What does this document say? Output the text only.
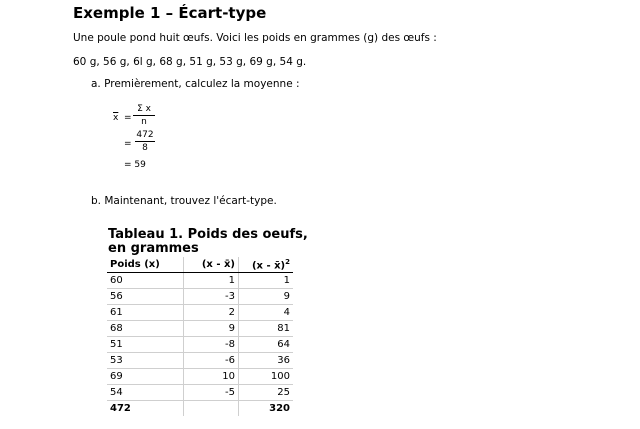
Exemple 1 – Écart-type
Une poule pond huit œufs. Voici les poids en grammes (g) des œufs :
60 g, 56 g, 6l g, 68 g, 51 g, 53 g, 69 g, 54 g.
a. Premièrement, calculez la moyenne :
$\overline{x}$ =
Σ x
n
=
472
8
= 59
b. Maintenant, trouvez l'écart-type.
Tableau 1. Poids des oeufs, en grammes
Poids (x)	(x - x̄)	(x - x̄)$^2$
60	1	1
56	-3	9
61	2	4
68	9	81
51	-8	64
53	-6	36
69	10	100
54	-5	25
472		320
